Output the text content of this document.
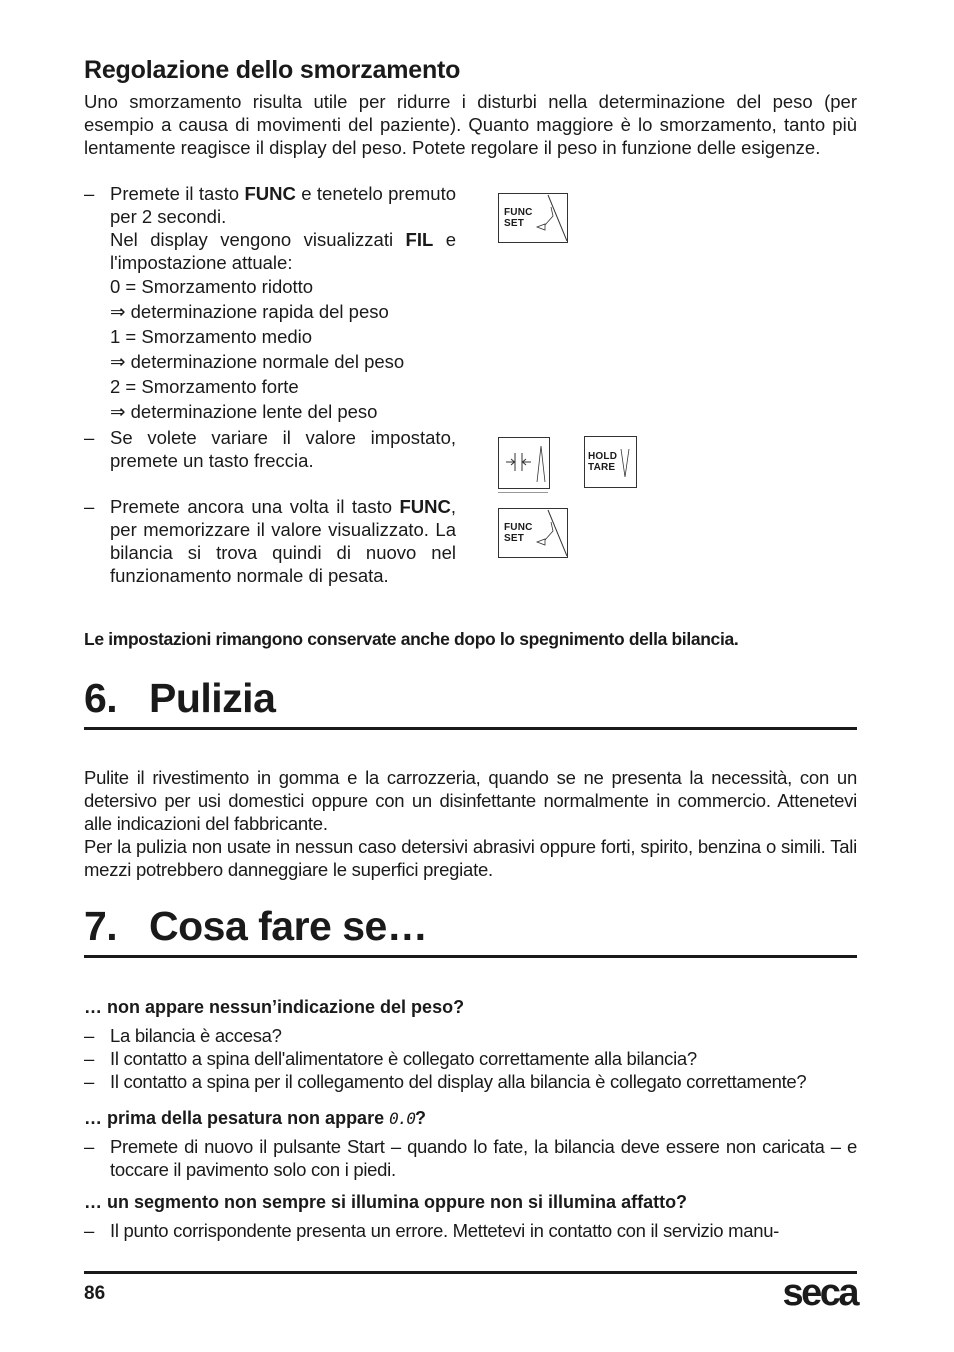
Regolazione dello smorzamento
Uno smorzamento risulta utile per ridurre i disturbi nella determinazione del peso (per esempio a causa di movimenti del paziente). Quanto maggiore è lo smorzamento, tanto più lentamente reagisce il display del peso. Potete regolare il peso in funzione delle esigenze.
– Premete il tasto FUNC e tenetelo premuto per 2 secondi.

Nel display vengono visualizzati FIL e l'impostazione attuale:

0 = Smorzamento ridotto
⇒ determinazione rapida del peso
1 = Smorzamento medio
⇒ determinazione normale del peso
2 = Smorzamento forte
⇒ determinazione lente del peso
– Se volete variare il valore impostato, premete un tasto freccia.

– Premete ancora una volta il tasto FUNC, per memorizzare il valore visualizzato. La bilancia si trova quindi di nuovo nel funzionamento normale di pesata.

FUNC
SET
HOLD
TARE
FUNC
SET
Le impostazioni rimangono conservate anche dopo lo spegnimento della bilancia.
6. Pulizia

Pulite il rivestimento in gomma e la carrozzeria, quando se ne presenta la necessità, con un detersivo per usi domestici oppure con un disinfettante normalmente in commercio. Attenetevi alle indicazioni del fabbricante.

Per la pulizia non usate in nessun caso detersivi abrasivi oppure forti, spirito, benzina o simili. Tali mezzi potrebbero danneggiare le superfici pregiate.

7. Cosa fare se…
… non appare nessun’indicazione del peso?
– La bilancia è accesa?
– Il contatto a spina dell'alimentatore è collegato correttamente alla bilancia?
– Il contatto a spina per il collegamento del display alla bilancia è collegato correttamente?
… prima della pesatura non appare 0.0?
– Premete di nuovo il pulsante Start – quando lo fate, la bilancia deve essere non caricata – e toccare il pavimento solo con i piedi.
… un segmento non sempre si illumina oppure non si illumina affatto?
– Il punto corrispondente presenta un errore. Mettetevi in contatto con il servizio manu-
86	seca
